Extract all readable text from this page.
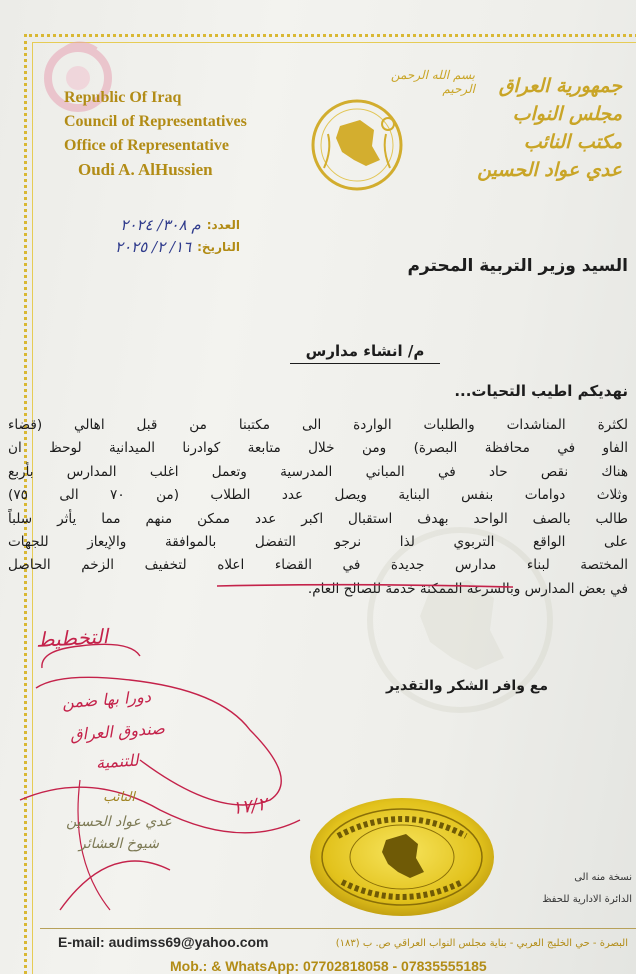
Republic Of Iraq
Council of Representatives
Office of Representative
Oudi A. AlHussien
بسم الله الرحمن الرحيم	جمهورية العراق
مجلس النواب
مكتب النائب
عدي عواد الحسين
العدد:
م ٣٠٨/ ٢٠٢٤
التاريخ:
١٦/ ٢/ ٢٠٢٥
السيد وزير التربية المحترم
م/ انشاء مدارس
نهديكم اطيب التحيات...
لكثرة المناشدات والطلبات الواردة الى مكتبنا من قبل اهالي (قضاء
الفاو في محافظة البصرة) ومن خلال متابعة كوادرنا الميدانية لوحظ ان
هناك نقص حاد في المباني المدرسية وتعمل اغلب المدارس بأربع
وثلاث دوامات بنفس البناية ويصل عدد الطلاب (من ٧٠ الى ٧٥)
طالب بالصف الواحد بهدف استقبال اكبر عدد ممكن منهم مما يأثر سلباً
على الواقع التربوي لذا نرجو التفضل بالموافقة والإيعاز للجهات
المختصة لبناء مدارس جديدة في القضاء اعلاه لتخفيف الزخم الحاصل
في بعض المدارس وبالسرعة الممكنة خدمة للصالح العام.
التخطيط
دورا بها ضمن
صندوق العراق
للتنمية
١٧/٢
مع وافر الشكر والتقدير
النائب
عدي عواد الحسين
شيوخ العشائر
نسخة منه الى
الدائرة الادارية للحفظ
E-mail: audimss69@yahoo.com	البصرة - حي الخليج العربي - بناية مجلس النواب العراقي ص. ب (١٨٣)
Mob.: & WhatsApp: 07702818058 - 07835555185
